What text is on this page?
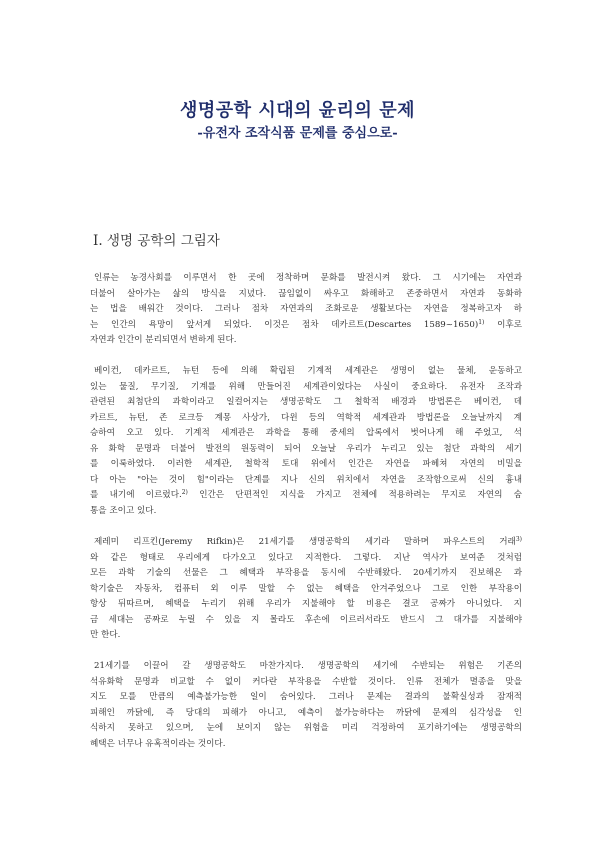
생명공학 시대의 윤리의 문제
-유전자 조작식품 문제를 중심으로-
Ⅰ. 생명 공학의 그림자
인류는 농경사회를 이루면서 한 곳에 정착하며 문화를 발전시켜 왔다. 그 시기에는 자연과
더불어 살아가는 삶의 방식을 지녔다. 끊임없이 싸우고 화해하고 존중하면서 자연과 동화하
는 법을 배워간 것이다. 그러나 점차 자연과의 조화로운 생활보다는 자연을 정복하고자 하
는 인간의 욕망이 앞서게 되었다. 이것은 점차 데카르트(Descartes 1589~1650)$^{1)}$ 이후로
자연과 인간이 분리되면서 변하게 된다.
베이컨, 데카르트, 뉴턴 등에 의해 확립된 기계적 세계관은 생명이 없는 물체, 운동하고
있는 물질, 무기질, 기계를 위해 만들어진 세계관이었다는 사실이 중요하다. 유전자 조작과
관련된 최첨단의 과학이라고 일컬어지는 생명공학도 그 철학적 배경과 방법론은 베이컨, 데
카르트, 뉴턴, 존 로크등 계몽 사상가, 다윈 등의 역학적 세계관과 방법론을 오늘날까지 계
승하여 오고 있다. 기계적 세계관은 과학을 통해 중세의 압록에서 벗어나게 해 주었고, 석
유 화학 문명과 더불어 발전의 원동력이 되어 오늘날 우리가 누리고 있는 첨단 과학의 세기
를 이룩하였다. 이러한 세계관, 철학적 토대 위에서 인간은 자연을 파헤쳐 자연의 비밀을
다 아는 "아는 것이 힘"이라는 단계를 지나 신의 위치에서 자연을 조작함으로써 신의 흉내
를 내기에 이르렀다.$^{2)}$ 인간은 단편적인 지식을 가지고 전체에 적용하려는 무지로 자연의 숨
통을 조이고 있다.
제레미 리프킨(Jeremy Rifkin)은 21세기를 생명공학의 세기라 말하며 파우스트의 거래$^{3)}$
와 같은 형태로 우리에게 다가오고 있다고 지적한다. 그렇다. 지난 역사가 보여준 것처럼
모든 과학 기술의 선물은 그 혜택과 부작용을 동시에 수반해왔다. 20세기까지 진보해온 과
학기술은 자동차, 컴퓨터 외 이루 말할 수 없는 혜택을 안겨주었으나 그로 인한 부작용이
항상 뒤따르며, 혜택을 누리기 위해 우리가 지불해야 할 비용은 결코 공짜가 아니었다. 지
금 세대는 공짜로 누릴 수 있을 지 몰라도 후손에 이르러서라도 반드시 그 대가를 지불해야
만 한다.
21세기를 이끌어 갈 생명공학도 마찬가지다. 생명공학의 세기에 수반되는 위험은 기존의
석유화학 문명과 비교할 수 없이 커다란 부작용을 수반할 것이다. 인류 전체가 멸종을 맞을
지도 모를 만큼의 예측불가능한 일이 숨어있다. 그러나 문제는 결과의 불확실성과 잠재적
피해인 까닭에, 즉 당대의 피해가 아니고, 예측이 불가능하다는 까닭에 문제의 심각성을 인
식하지 못하고 있으며, 눈에 보이지 않는 위험을 미리 걱정하여 포기하기에는 생명공학의
혜택은 너무나 유혹적이라는 것이다.
